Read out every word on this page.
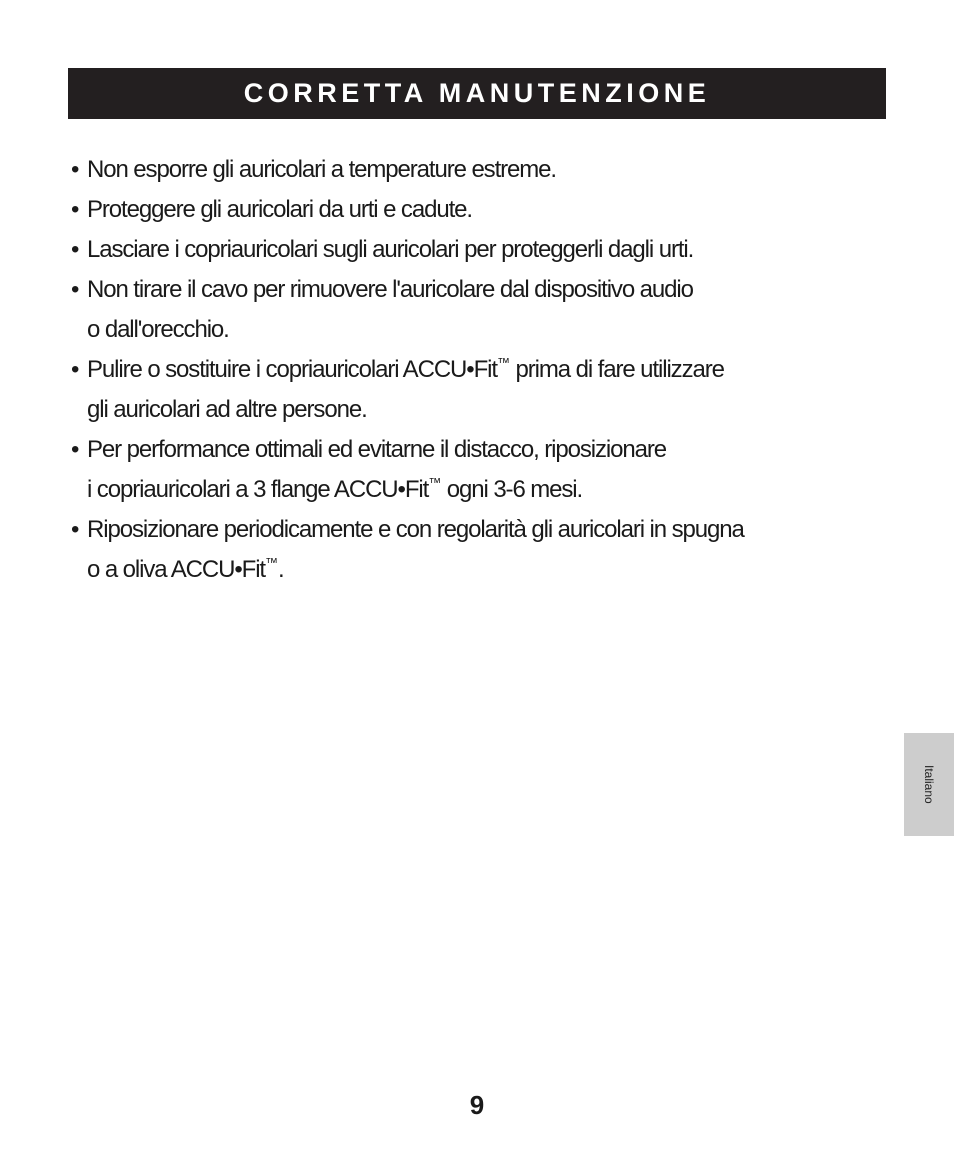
CORRETTA MANUTENZIONE
• Non esporre gli auricolari a temperature estreme.
• Proteggere gli auricolari da urti e cadute.
• Lasciare i copriauricolari sugli auricolari per proteggerli dagli urti.
• Non tirare il cavo per rimuovere l'auricolare dal dispositivo audio
o dall'orecchio.
• Pulire o sostituire i copriauricolari ACCU•Fit™ prima di fare utilizzare
gli auricolari ad altre persone.
• Per performance ottimali ed evitarne il distacco, riposizionare
i copriauricolari a 3 flange ACCU•Fit™ ogni 3-6 mesi.
• Riposizionare periodicamente e con regolarità gli auricolari in spugna
o a oliva ACCU•Fit™.
Italiano
9
